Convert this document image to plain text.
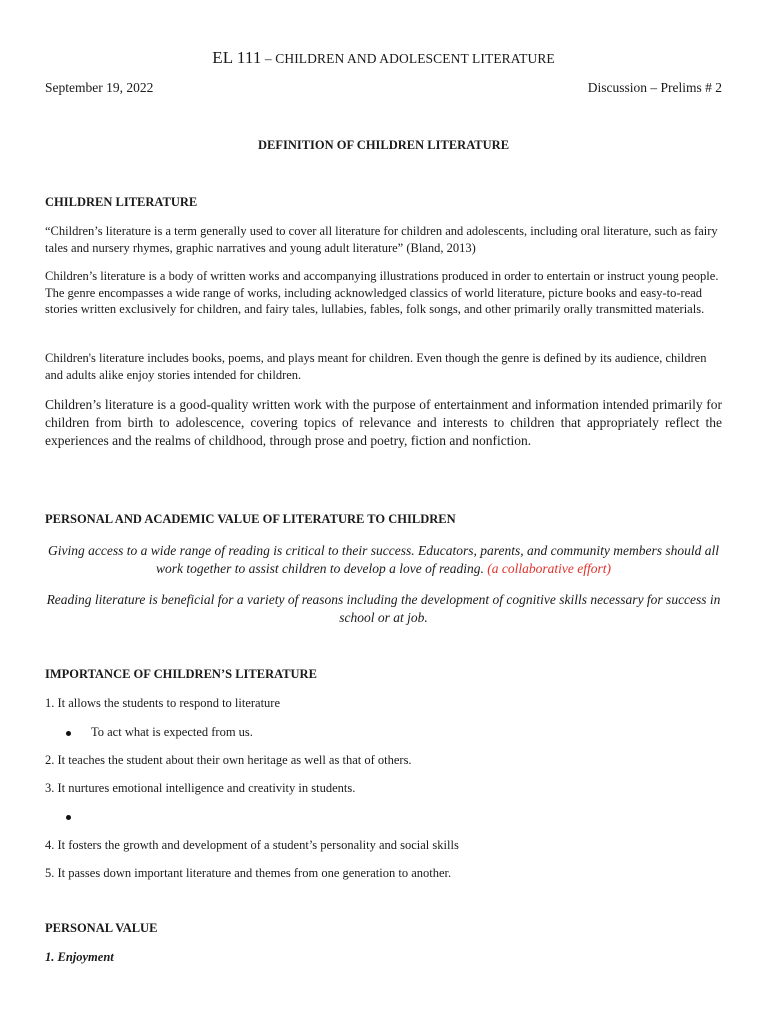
EL 111 – CHILDREN AND ADOLESCENT LITERATURE
September 19, 2022	Discussion – Prelims # 2
DEFINITION OF CHILDREN LITERATURE
CHILDREN LITERATURE

“Children’s literature is a term generally used to cover all literature for children and adolescents, including oral literature, such as fairy tales and nursery rhymes, graphic narratives and young adult literature” (Bland, 2013)

Children’s literature is a body of written works and accompanying illustrations produced in order to entertain or instruct young people. The genre encompasses a wide range of works, including acknowledged classics of world literature, picture books and easy-to-read stories written exclusively for children, and fairy tales, lullabies, fables, folk songs, and other primarily orally transmitted materials.

Children's literature includes books, poems, and plays meant for children. Even though the genre is defined by its audience, children and adults alike enjoy stories intended for children.

Children’s literature is a good-quality written work with the purpose of entertainment and information intended primarily for children from birth to adolescence, covering topics of relevance and interests to children that appropriately reflect the experiences and the realms of childhood, through prose and poetry, fiction and nonfiction.

PERSONAL AND ACADEMIC VALUE OF LITERATURE TO CHILDREN

Giving access to a wide range of reading is critical to their success. Educators, parents, and community members should all work together to assist children to develop a love of reading. (a collaborative effort)

Reading literature is beneficial for a variety of reasons including the development of cognitive skills necessary for success in school or at job.

IMPORTANCE OF CHILDREN’S LITERATURE
1. It allows the students to respond to literature
To act what is expected from us.
2. It teaches the student about their own heritage as well as that of others.
3. It nurtures emotional intelligence and creativity in students.
4. It fosters the growth and development of a student’s personality and social skills
5. It passes down important literature and themes from one generation to another.
PERSONAL VALUE
1. Enjoyment
